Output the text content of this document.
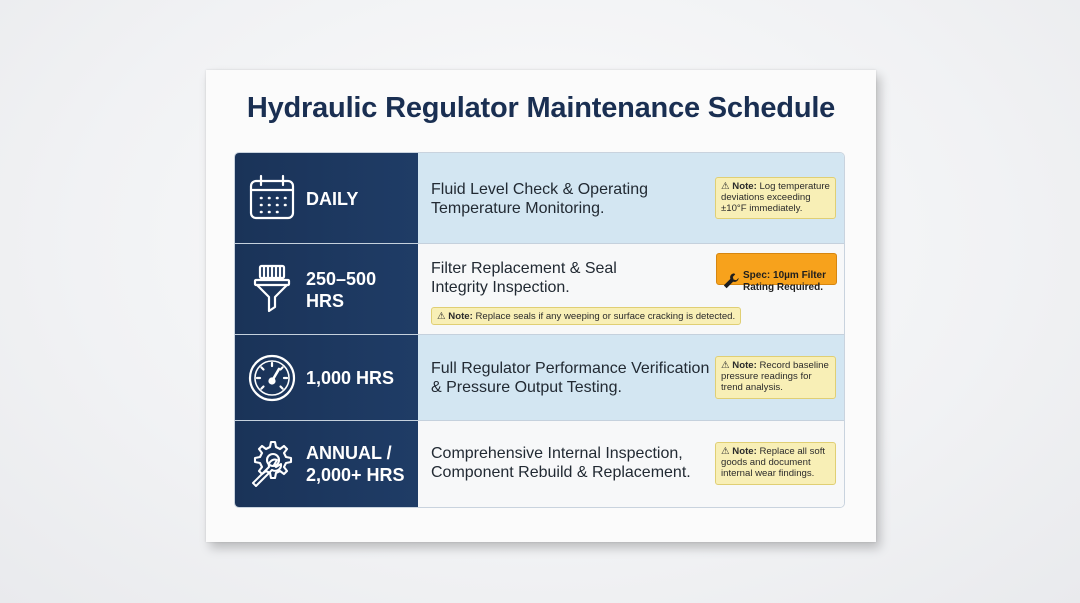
Hydraulic Regulator Maintenance Schedule
DAILY	Fluid Level Check & Operating
Temperature Monitoring.
⚠ Note: Log temperature
deviations exceeding
±10°F immediately.
250–500
HRS
Filter Replacement & Seal
Integrity Inspection.

Spec: 10µm Filter
Rating Required.

⚠ Note: Replace seals if any weeping or surface cracking is detected.
1,000 HRS Full Regulator Performance Verification
& Pressure Output Testing.
⚠ Note: Record baseline
pressure readings for
trend analysis.
ANNUAL /
2,000+ HRS
Comprehensive Internal Inspection,
Component Rebuild & Replacement.
⚠ Note: Replace all soft
goods and document
internal wear findings.
